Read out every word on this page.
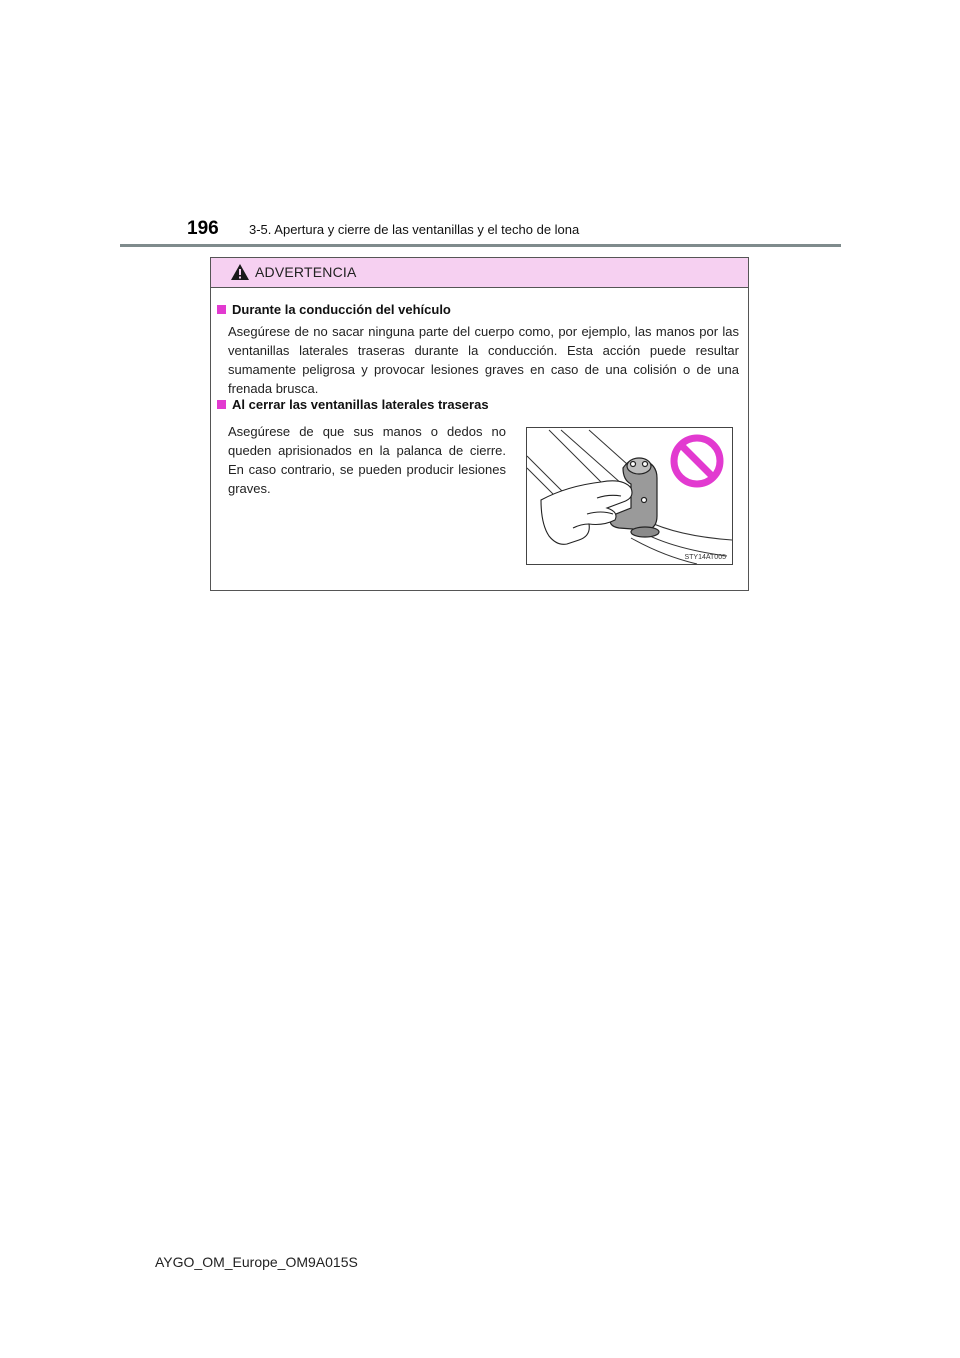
196 3-5. Apertura y cierre de las ventanillas y el techo de lona
ADVERTENCIA
Durante la conducción del vehículo
Asegúrese de no sacar ninguna parte del cuerpo como, por ejemplo, las manos por las ventanillas laterales traseras durante la conducción. Esta acción puede resultar sumamente peligrosa y provocar lesiones graves en caso de una colisión o de una frenada brusca.
Al cerrar las ventanillas laterales traseras
Asegúrese de que sus manos o dedos no queden aprisionados en la palanca de cierre. En caso contrario, se pueden producir lesiones graves.
STY14AT005
AYGO_OM_Europe_OM9A015S
